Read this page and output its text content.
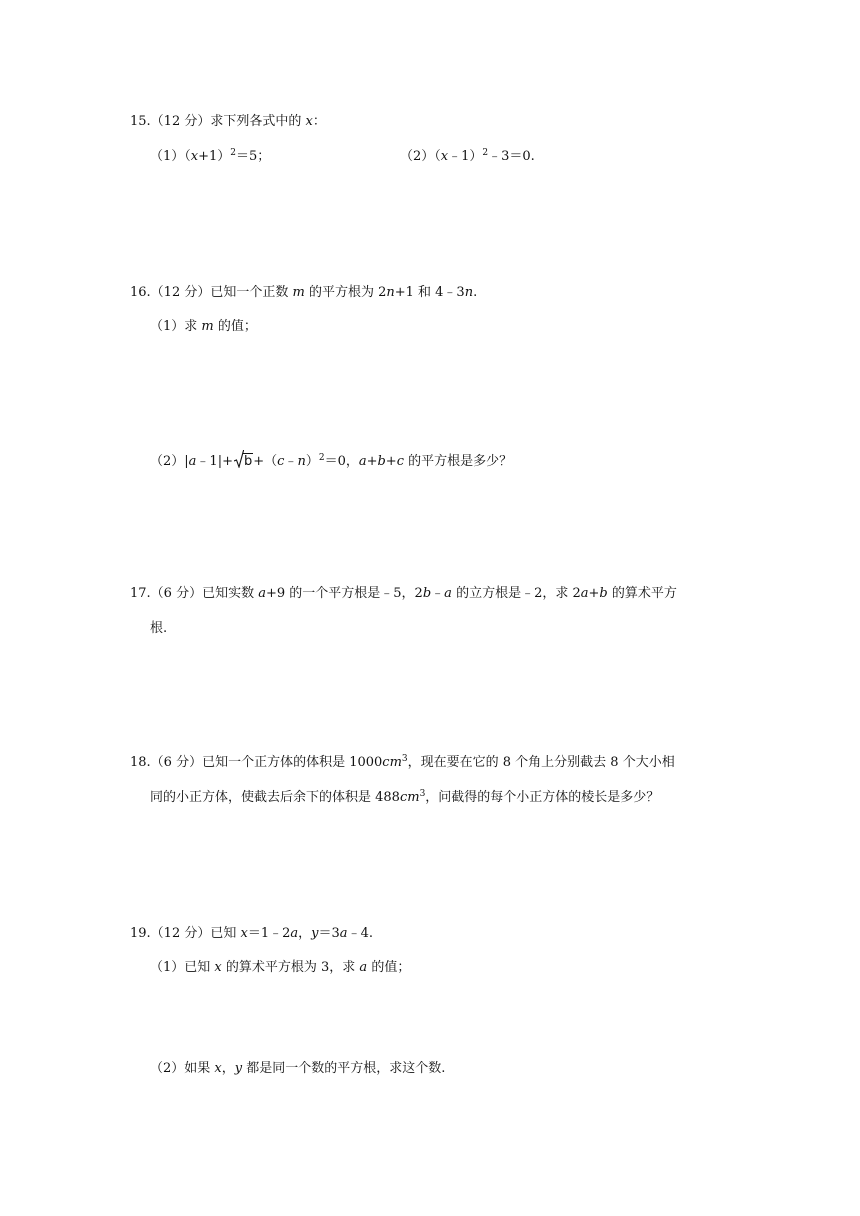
15.（12 分）求下列各式中的 x：
$(1)(x+1)^2=5$；	（2）（x﹣1）$^2$﹣3＝0.
16.（12 分）已知一个正数 m 的平方根为 2n+1 和 4﹣3n.
（1）求 m 的值；
（2）|a﹣1|+ b+（c﹣n）$^2$＝0，a+b+c 的平方根是多少？
17.（6 分）已知实数 a+9 的一个平方根是﹣5，2b﹣a 的立方根是﹣2，求 2a+b 的算术平方
根.
18.（6 分）已知一个正方体的体积是 $1000cm^3$，现在要在它的 8 个角上分别截去 8 个大小相
同的小正方体，使截去后余下的体积是 $488cm^3$，问截得的每个小正方体的棱长是多少？
19.（12 分）已知 x＝1﹣2a，y＝3a﹣4.
（1）已知 x 的算术平方根为 3，求 a 的值；
（2）如果 x，y 都是同一个数的平方根，求这个数.
